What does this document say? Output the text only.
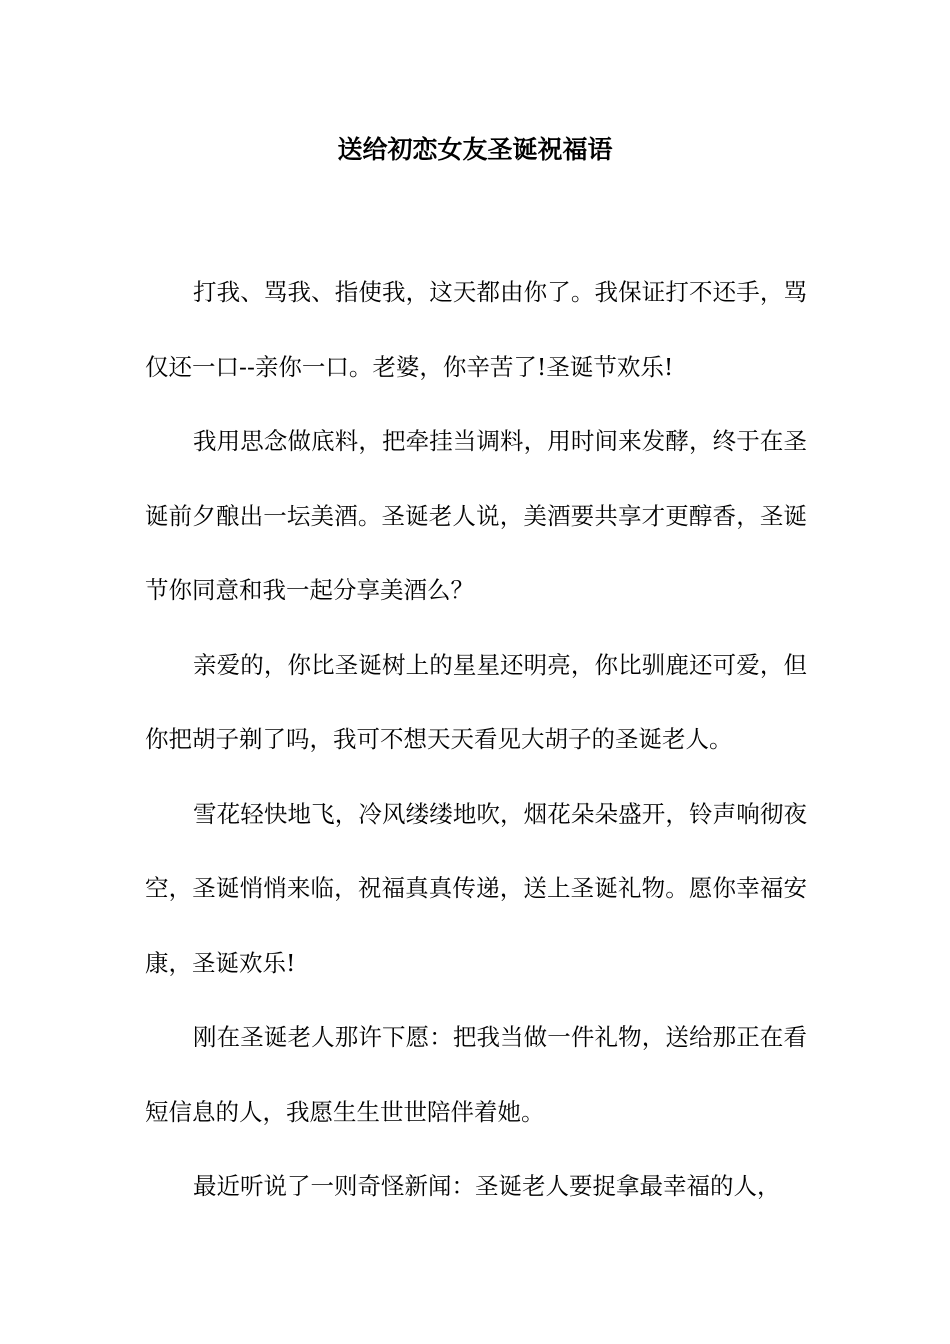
送给初恋女友圣诞祝福语

打我、骂我、指使我，这天都由你了。我保证打不还手，骂仅还一口--亲你一口。老婆，你辛苦了!圣诞节欢乐!

我用思念做底料，把牵挂当调料，用时间来发酵，终于在圣诞前夕酿出一坛美酒。圣诞老人说，美酒要共享才更醇香，圣诞节你同意和我一起分享美酒么？

亲爱的，你比圣诞树上的星星还明亮，你比驯鹿还可爱，但你把胡子剃了吗，我可不想天天看见大胡子的圣诞老人。

雪花轻快地飞，冷风缕缕地吹，烟花朵朵盛开，铃声响彻夜空，圣诞悄悄来临，祝福真真传递，送上圣诞礼物。愿你幸福安康，圣诞欢乐!

刚在圣诞老人那许下愿：把我当做一件礼物，送给那正在看短信息的人，我愿生生世世陪伴着她。

最近听说了一则奇怪新闻：圣诞老人要捉拿最幸福的人，
